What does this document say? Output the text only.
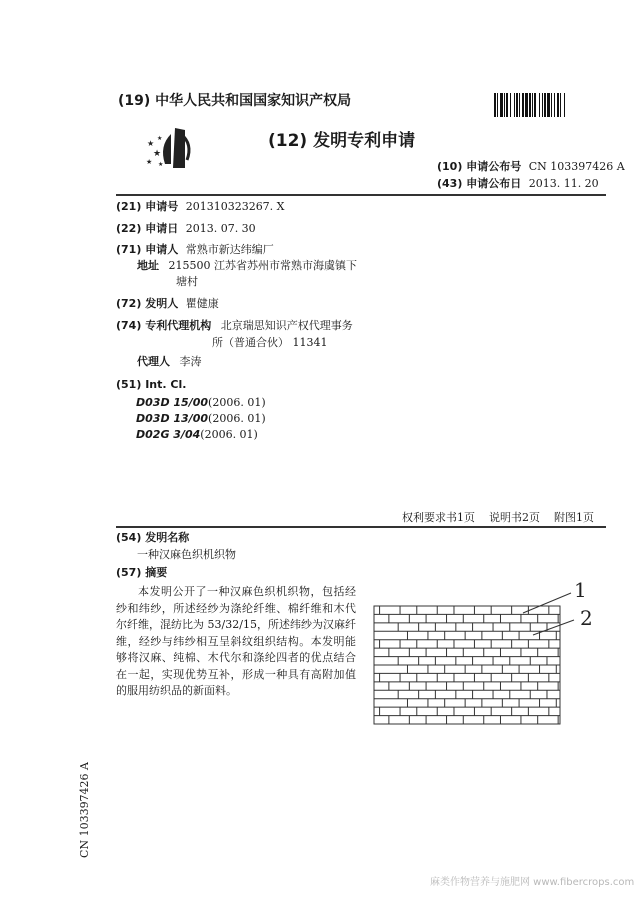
(19) 中华人民共和国国家知识产权局
★
★
★
★
★
(12) 发明专利申请
(10) 申请公布号 CN 103397426 A
(43) 申请公布日 2013. 11. 20
(21) 申请号 201310323267. X
(22) 申请日 2013. 07. 30
(71) 申请人 常熟市新达纬编厂
地址 215500 江苏省苏州市常熟市海虞镇下
塘村
(72) 发明人 瞿健康
(74) 专利代理机构 北京瑞思知识产权代理事务
所（普通合伙） 11341
代理人 李涛
(51) Int. Cl.
D03D 15/00(2006. 01)
D03D 13/00(2006. 01)
D02G 3/04(2006. 01)
权利要求书1页    说明书2页    附图1页
(54) 发明名称
一种汉麻色织机织物
(57) 摘要
本发明公开了一种汉麻色织机织物，包括经纱和纬纱，所述经纱为涤纶纤维、棉纤维和木代尔纤维，混纺比为 53/32/15，所述纬纱为汉麻纤维，经纱与纬纱相互呈斜纹组织结构。本发明能够将汉麻、纯棉、木代尔和涤纶四者的优点结合在一起，实现优势互补，形成一种具有高附加值的服用纺织品的新面料。
1
2
CN 103397426 A
麻类作物营养与施肥网 www.fibercrops.com
